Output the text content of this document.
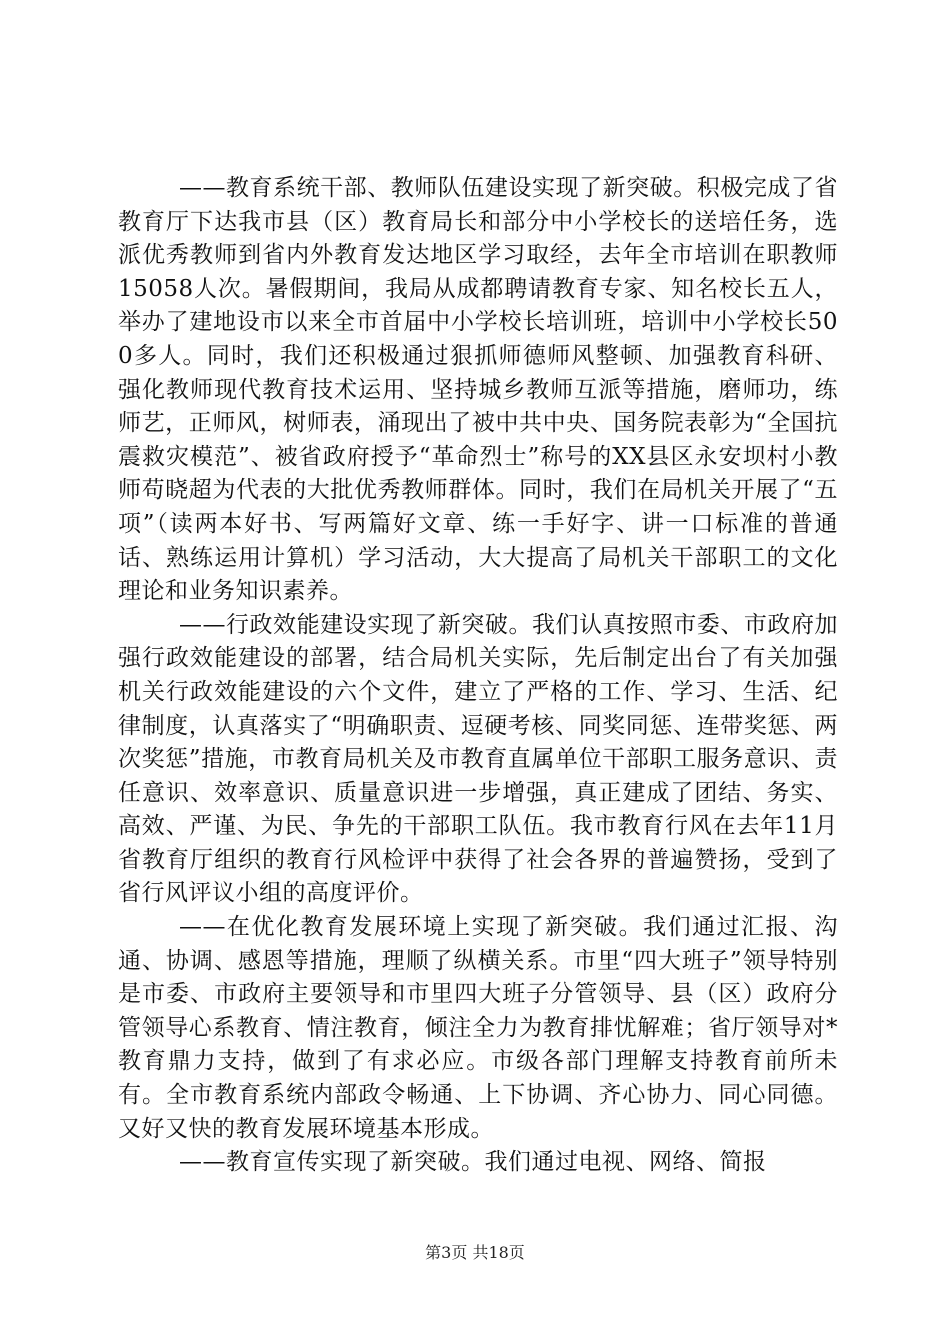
——教育系统干部、教师队伍建设实现了新突破。积极完成了省教育厅下达我市县（区）教育局长和部分中小学校长的送培任务，选派优秀教师到省内外教育发达地区学习取经，去年全市培训在职教师15058人次。暑假期间，我局从成都聘请教育专家、知名校长五人，举办了建地设市以来全市首届中小学校长培训班，培训中小学校长500多人。同时，我们还积极通过狠抓师德师风整顿、加强教育科研、强化教师现代教育技术运用、坚持城乡教师互派等措施，磨师功，练师艺，正师风，树师表，涌现出了被中共中央、国务院表彰为“全国抗震救灾模范”、被省政府授予“革命烈士”称号的XX县区永安坝村小教师苟晓超为代表的大批优秀教师群体。同时，我们在局机关开展了“五项”（读两本好书、写两篇好文章、练一手好字、讲一口标准的普通话、熟练运用计算机）学习活动，大大提高了局机关干部职工的文化理论和业务知识素养。

——行政效能建设实现了新突破。我们认真按照市委、市政府加强行政效能建设的部署，结合局机关实际，先后制定出台了有关加强机关行政效能建设的六个文件，建立了严格的工作、学习、生活、纪律制度，认真落实了“明确职责、逗硬考核、同奖同惩、连带奖惩、两次奖惩”措施，市教育局机关及市教育直属单位干部职工服务意识、责任意识、效率意识、质量意识进一步增强，真正建成了团结、务实、高效、严谨、为民、争先的干部职工队伍。我市教育行风在去年11月省教育厅组织的教育行风检评中获得了社会各界的普遍赞扬，受到了省行风评议小组的高度评价。

——在优化教育发展环境上实现了新突破。我们通过汇报、沟通、协调、感恩等措施，理顺了纵横关系。市里“四大班子”领导特别是市委、市政府主要领导和市里四大班子分管领导、县（区）政府分管领导心系教育、情注教育，倾注全力为教育排忧解难；省厅领导对*教育鼎力支持，做到了有求必应。市级各部门理解支持教育前所未有。全市教育系统内部政令畅通、上下协调、齐心协力、同心同德。又好又快的教育发展环境基本形成。

——教育宣传实现了新突破。我们通过电视、网络、简报

第3页 共18页
